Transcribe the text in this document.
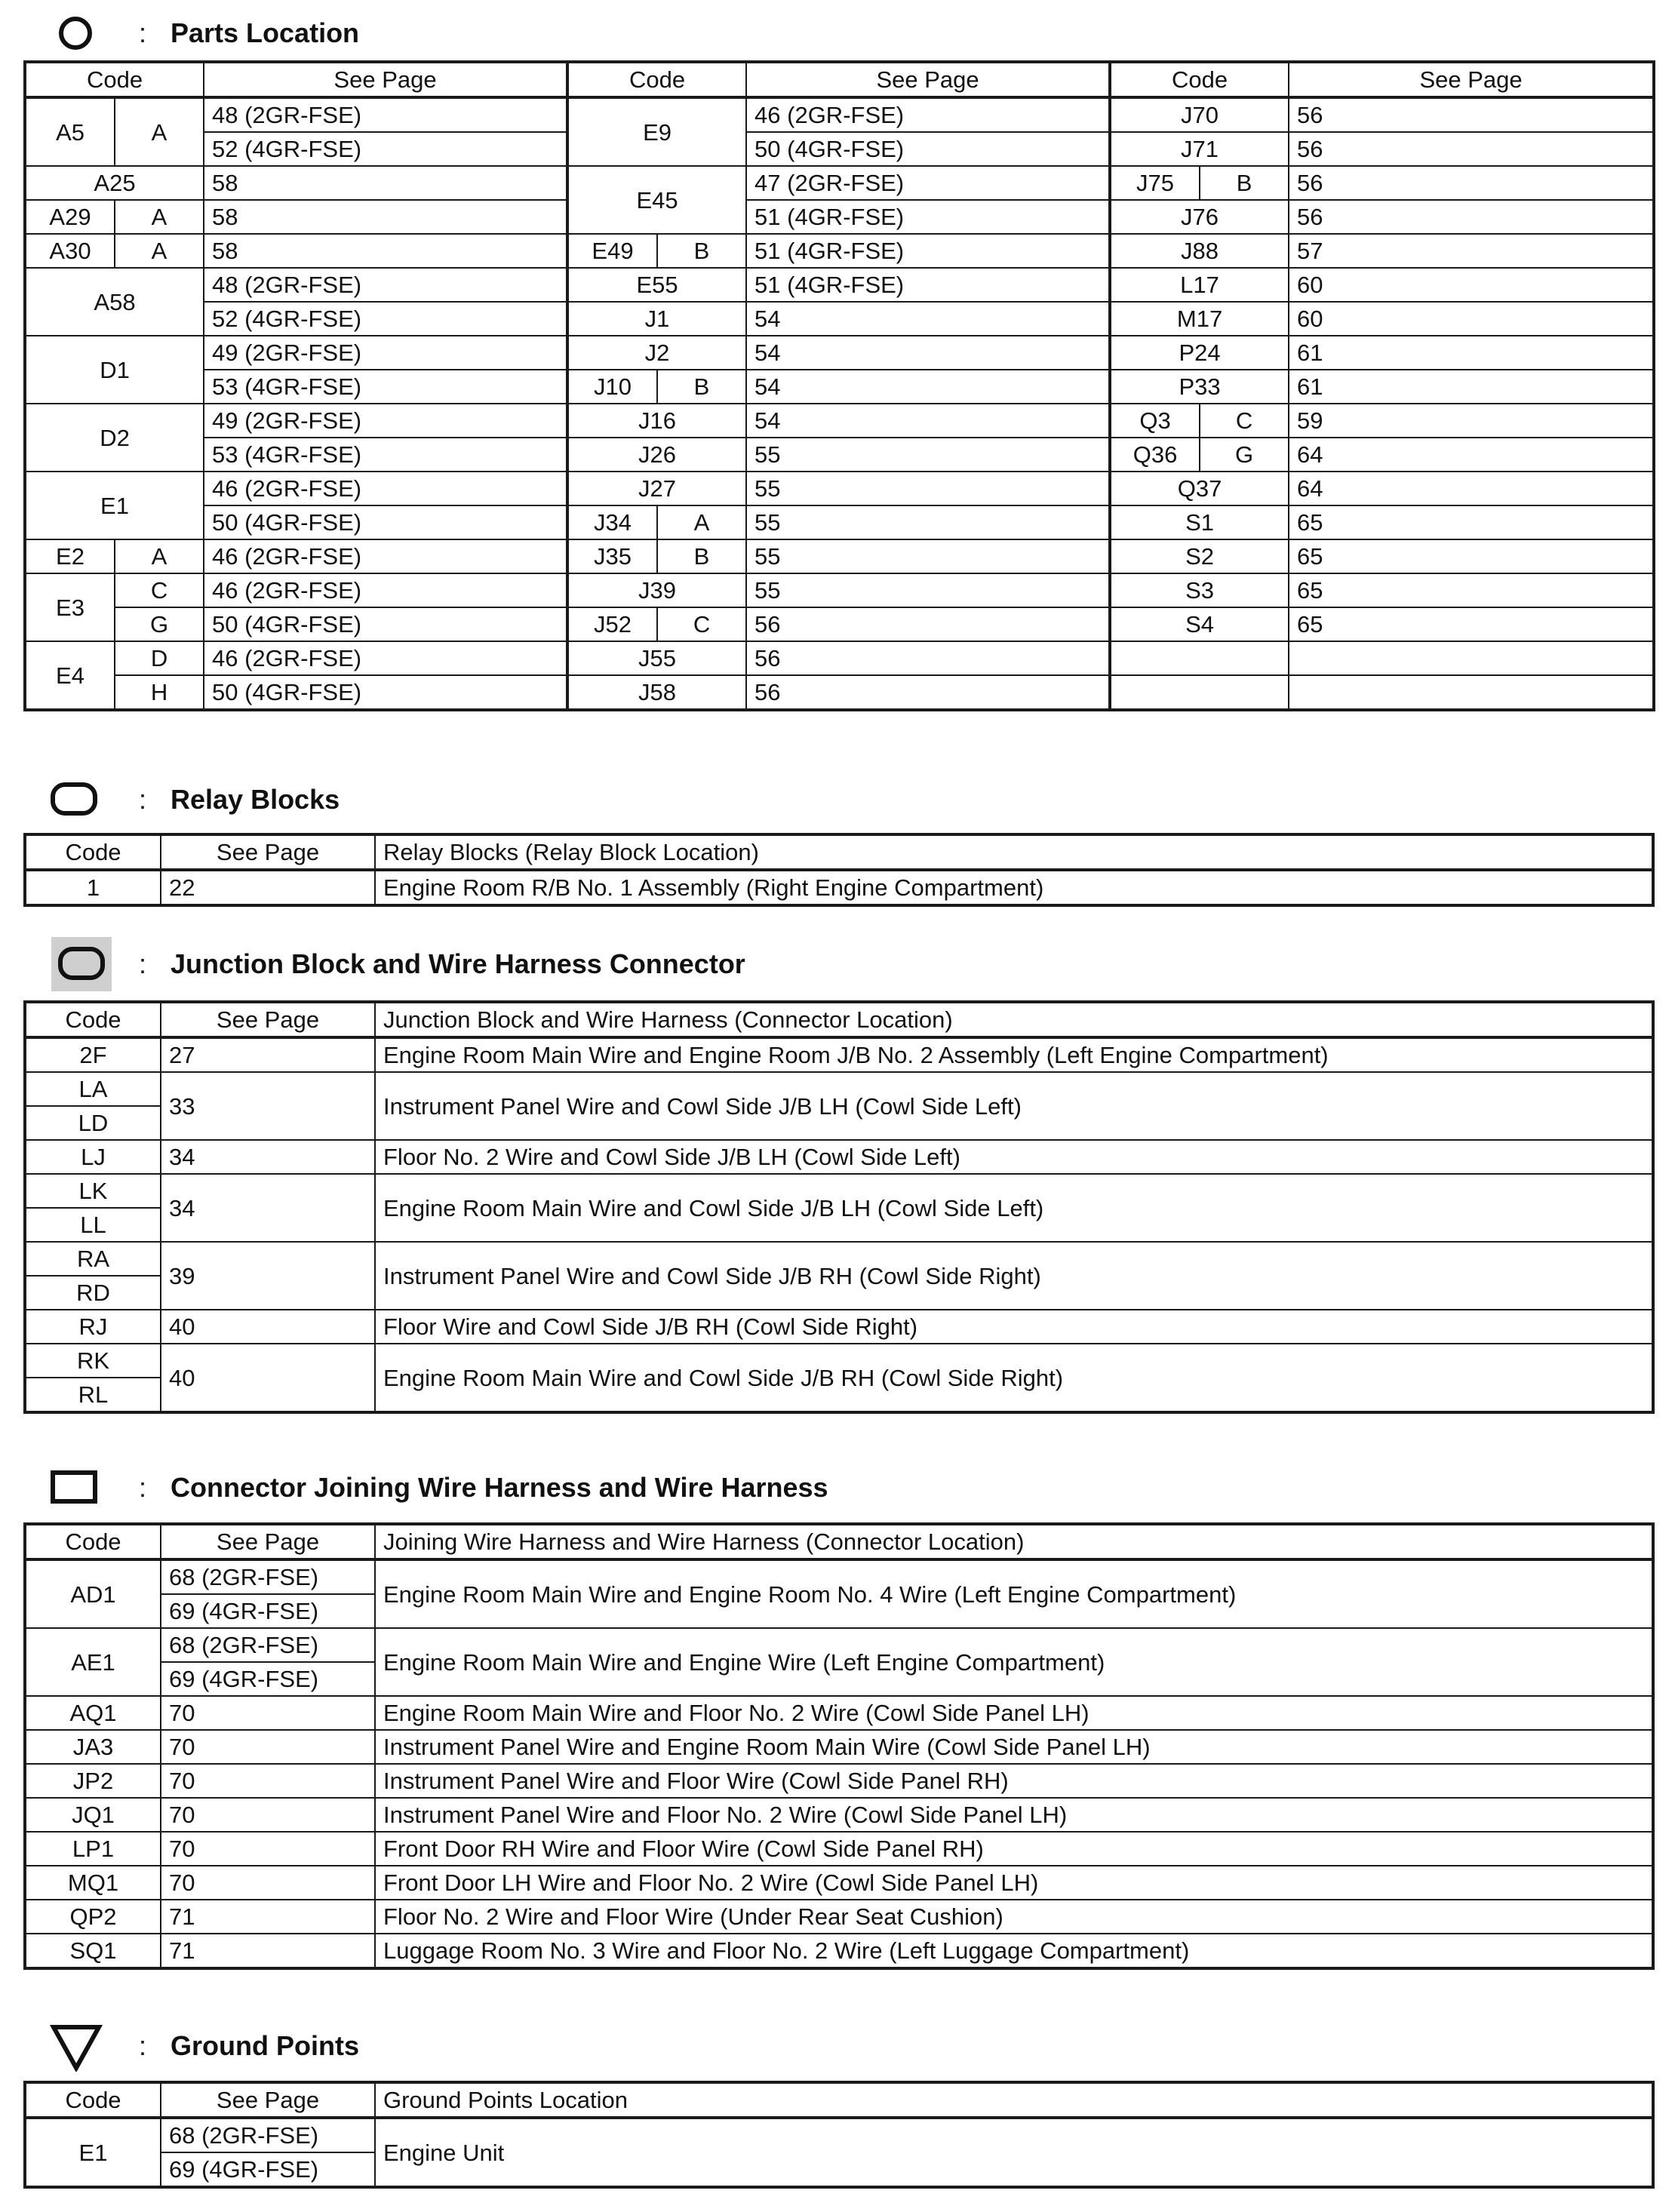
: Parts Location
Code		See Page	Code		See Page	Code		See Page
A5	A	48 (2GR-FSE)	E9		46 (2GR-FSE)	J70		56
		52 (4GR-FSE)			50 (4GR-FSE)	J71		56
A25		58	E45		47 (2GR-FSE)	J75	B	56
A29	A	58			51 (4GR-FSE)	J76		56
A30	A	58	E49	B	51 (4GR-FSE)	J88		57
A58		48 (2GR-FSE)	E55		51 (4GR-FSE)	L17		60
		52 (4GR-FSE)	J1		54	M17		60
D1		49 (2GR-FSE)	J2		54	P24		61
		53 (4GR-FSE)	J10	B	54	P33		61
D2		49 (2GR-FSE)	J16		54	Q3	C	59
		53 (4GR-FSE)	J26		55	Q36	G	64
E1		46 (2GR-FSE)	J27		55	Q37		64
		50 (4GR-FSE)	J34	A	55	S1		65
E2	A	46 (2GR-FSE)	J35	B	55	S2		65
E3	C	46 (2GR-FSE)	J39		55	S3		65
	G	50 (4GR-FSE)	J52	C	56	S4		65
E4	D	46 (2GR-FSE)	J55		56			
	H	50 (4GR-FSE)	J58		56			
: Relay Blocks
Code	See Page	Relay Blocks (Relay Block Location)
1	22	Engine Room R/B No. 1 Assembly (Right Engine Compartment)
: Junction Block and Wire Harness Connector
Code	See Page	Junction Block and Wire Harness (Connector Location)
2F	27	Engine Room Main Wire and Engine Room J/B No. 2 Assembly (Left Engine Compartment)
LA	33	Instrument Panel Wire and Cowl Side J/B LH (Cowl Side Left)
LD		
LJ	34	Floor No. 2 Wire and Cowl Side J/B LH (Cowl Side Left)
LK	34	Engine Room Main Wire and Cowl Side J/B LH (Cowl Side Left)
LL		
RA	39	Instrument Panel Wire and Cowl Side J/B RH (Cowl Side Right)
RD		
RJ	40	Floor Wire and Cowl Side J/B RH (Cowl Side Right)
RK	40	Engine Room Main Wire and Cowl Side J/B RH (Cowl Side Right)
RL		
: Connector Joining Wire Harness and Wire Harness
Code	See Page	Joining Wire Harness and Wire Harness (Connector Location)
AD1	68 (2GR-FSE)	Engine Room Main Wire and Engine Room No. 4 Wire (Left Engine Compartment)
	69 (4GR-FSE)	
AE1	68 (2GR-FSE)	Engine Room Main Wire and Engine Wire (Left Engine Compartment)
	69 (4GR-FSE)	
AQ1	70	Engine Room Main Wire and Floor No. 2 Wire (Cowl Side Panel LH)
JA3	70	Instrument Panel Wire and Engine Room Main Wire (Cowl Side Panel LH)
JP2	70	Instrument Panel Wire and Floor Wire (Cowl Side Panel RH)
JQ1	70	Instrument Panel Wire and Floor No. 2 Wire (Cowl Side Panel LH)
LP1	70	Front Door RH Wire and Floor Wire (Cowl Side Panel RH)
MQ1	70	Front Door LH Wire and Floor No. 2 Wire (Cowl Side Panel LH)
QP2	71	Floor No. 2 Wire and Floor Wire (Under Rear Seat Cushion)
SQ1	71	Luggage Room No. 3 Wire and Floor No. 2 Wire (Left Luggage Compartment)
: Ground Points
Code	See Page	Ground Points Location
E1	68 (2GR-FSE)	Engine Unit
	69 (4GR-FSE)	
